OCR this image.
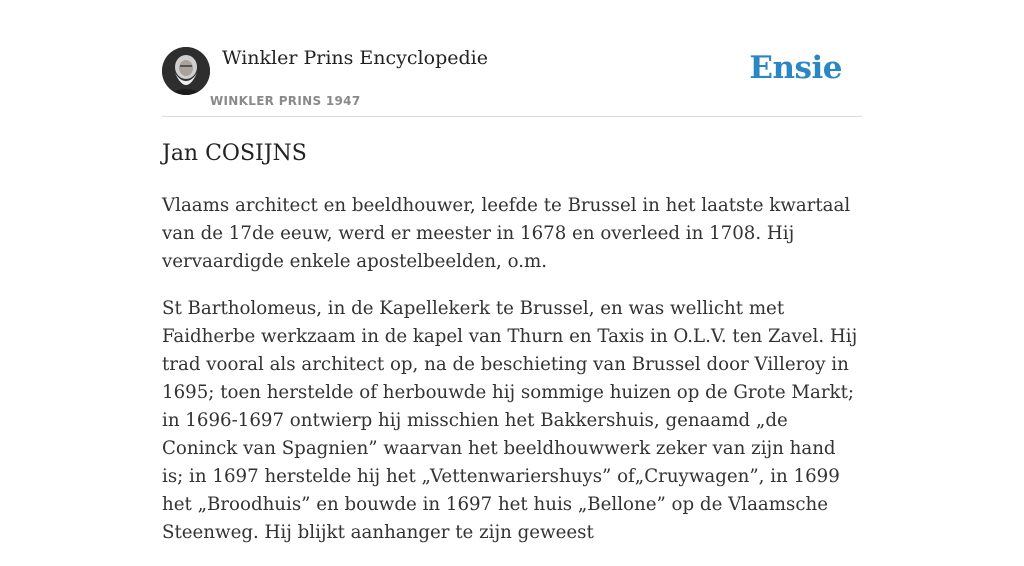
Winkler Prins Encyclopedie
WINKLER PRINS 1947
Ensie
Jan COSIJNS

Vlaams architect en beeldhouwer, leefde te Brussel in het laatste kwartaal van de 17de eeuw, werd er meester in 1678 en overleed in 1708. Hij vervaardigde enkele apostelbeelden, o.m.

St Bartholomeus, in de Kapellekerk te Brussel, en was wellicht met Faidherbe werkzaam in de kapel van Thurn en Taxis in O.L.V. ten Zavel. Hij trad vooral als architect op, na de beschieting van Brussel door Villeroy in 1695; toen herstelde of herbouwde hij sommige huizen op de Grote Markt; in 1696-1697 ontwierp hij misschien het Bakkershuis, genaamd „de Coninck van Spagnien” waarvan het beeldhouwwerk zeker van zijn hand is; in 1697 herstelde hij het „Vettenwariershuys” of„Cruywagen”, in 1699 het „Broodhuis” en bouwde in 1697 het huis „Bellone” op de Vlaamsche Steenweg. Hij blijkt aanhanger te zijn geweest
